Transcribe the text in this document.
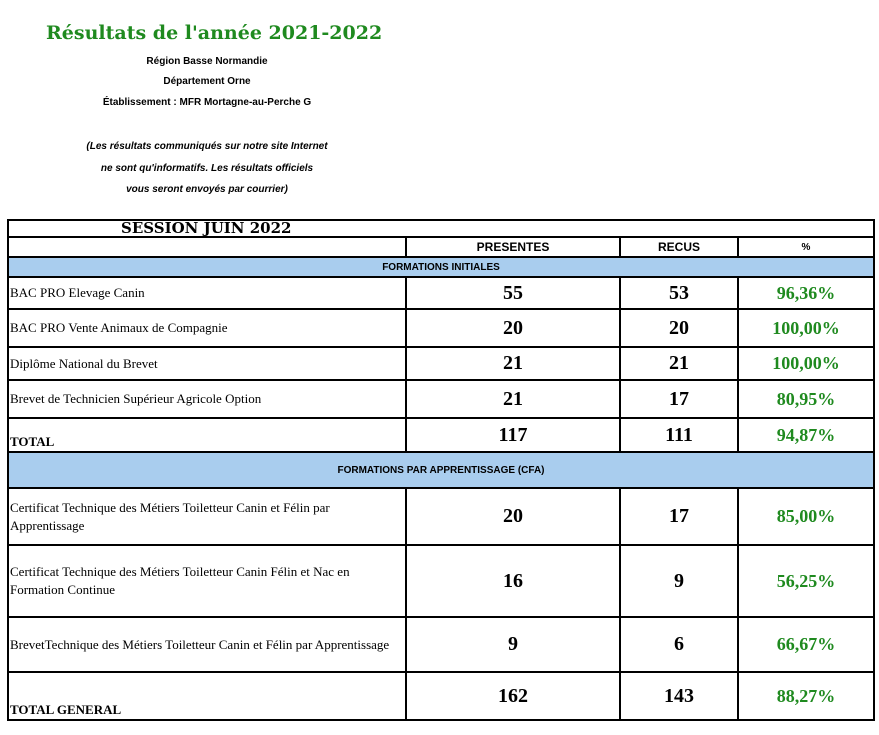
Résultats de l'année 2021-2022
Région Basse Normandie
Département Orne
Établissement : MFR Mortagne-au-Perche G
(Les résultats communiqués sur notre site Internet
ne sont qu'informatifs. Les résultats officiels
vous seront envoyés par courrier)
SESSION JUIN 2022			
	PRESENTES	RECUS	%
FORMATIONS INITIALES			
BAC PRO Elevage Canin	55	53	96,36%
BAC PRO Vente Animaux de Compagnie	20	20	100,00%
Diplôme National du Brevet	21	21	100,00%
Brevet de Technicien Supérieur Agricole Option	21	17	80,95%
TOTAL	117	111	94,87%
FORMATIONS PAR APPRENTISSAGE (CFA)			
Certificat Technique des Métiers Toiletteur Canin et Félin par Apprentissage	20	17	85,00%
Certificat Technique des Métiers Toiletteur Canin Félin et Nac en Formation Continue	16	9	56,25%
BrevetTechnique des Métiers Toiletteur Canin et Félin par Apprentissage	9	6	66,67%
TOTAL GENERAL	162	143	88,27%
